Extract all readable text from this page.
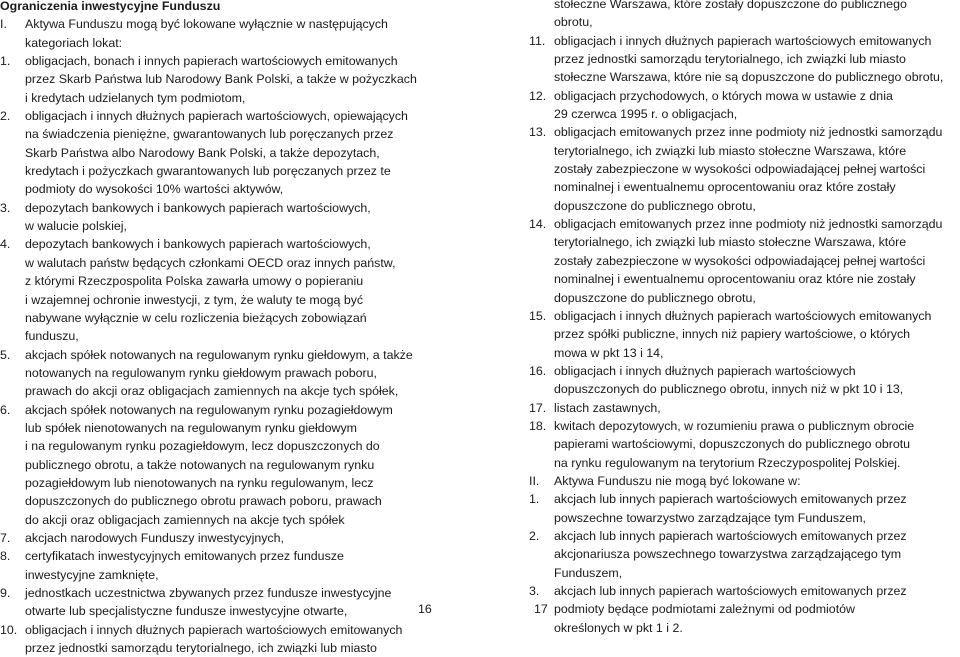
Ograniczenia inwestycyjne Funduszu
I.	Aktywa Funduszu mogą być lokowane wyłącznie w następujących
kategoriach lokat:
1.	obligacjach, bonach i innych papierach wartościowych emitowanych
przez Skarb Państwa lub Narodowy Bank Polski, a także w pożyczkach
i kredytach udzielanych tym podmiotom,
2.	obligacjach i innych dłużnych papierach wartościowych, opiewających
na świadczenia pieniężne, gwarantowanych lub poręczanych przez
Skarb Państwa albo Narodowy Bank Polski, a także depozytach,
kredytach i pożyczkach gwarantowanych lub poręczanych przez te
podmioty do wysokości 10% wartości aktywów,
3.	depozytach bankowych i bankowych papierach wartościowych,
w walucie polskiej,
4.	depozytach bankowych i bankowych papierach wartościowych,
w walutach państw będących członkami OECD oraz innych państw,
z którymi Rzeczpospolita Polska zawarła umowy o popieraniu
i wzajemnej ochronie inwestycji, z tym, że waluty te mogą być
nabywane wyłącznie w celu rozliczenia bieżących zobowiązań
funduszu,
5.	akcjach spółek notowanych na regulowanym rynku giełdowym, a także
notowanych na regulowanym rynku giełdowym prawach poboru,
prawach do akcji oraz obligacjach zamiennych na akcje tych spółek,
6.	akcjach spółek notowanych na regulowanym rynku pozagiełdowym
lub spółek nienotowanych na regulowanym rynku giełdowym
i na regulowanym rynku pozagiełdowym, lecz dopuszczonych do
publicznego obrotu, a także notowanych na regulowanym rynku
pozagiełdowym lub nienotowanych na rynku regulowanym, lecz
dopuszczonych do publicznego obrotu prawach poboru, prawach
do akcji oraz obligacjach zamiennych na akcje tych spółek
7.	akcjach narodowych Funduszy inwestycyjnych,
8.	certyfikatach inwestycyjnych emitowanych przez fundusze
inwestycyjne zamknięte,
9.	jednostkach uczestnictwa zbywanych przez fundusze inwestycyjne
otwarte lub specjalistyczne fundusze inwestycyjne otwarte,
10. obligacjach i innych dłużnych papierach wartościowych emitowanych
przez jednostki samorządu terytorialnego, ich związki lub miasto
stołeczne Warszawa, które zostały dopuszczone do publicznego
obrotu,
11. obligacjach i innych dłużnych papierach wartościowych emitowanych
przez jednostki samorządu terytorialnego, ich związki lub miasto
stołeczne Warszawa, które nie są dopuszczone do publicznego obrotu,
12. obligacjach przychodowych, o których mowa w ustawie z dnia
29 czerwca 1995 r. o obligacjach,
13. obligacjach emitowanych przez inne podmioty niż jednostki samorządu
terytorialnego, ich związki lub miasto stołeczne Warszawa, które
zostały zabezpieczone w wysokości odpowiadającej pełnej wartości
nominalnej i ewentualnemu oprocentowaniu oraz które zostały
dopuszczone do publicznego obrotu,
14. obligacjach emitowanych przez inne podmioty niż jednostki samorządu
terytorialnego, ich związki lub miasto stołeczne Warszawa, które
zostały zabezpieczone w wysokości odpowiadającej pełnej wartości
nominalnej i ewentualnemu oprocentowaniu oraz które nie zostały
dopuszczone do publicznego obrotu,
15. obligacjach i innych dłużnych papierach wartościowych emitowanych
przez spółki publiczne, innych niż papiery wartościowe, o których
mowa w pkt 13 i 14,
16. obligacjach i innych dłużnych papierach wartościowych
dopuszczonych do publicznego obrotu, innych niż w pkt 10 i 13,
17. listach zastawnych,
18. kwitach depozytowych, w rozumieniu prawa o publicznym obrocie
papierami wartościowymi, dopuszczonych do publicznego obrotu
na rynku regulowanym na terytorium Rzeczypospolitej Polskiej.
II.	Aktywa Funduszu nie mogą być lokowane w:
1.	akcjach lub innych papierach wartościowych emitowanych przez
powszechne towarzystwo zarządzające tym Funduszem,
2.	akcjach lub innych papierach wartościowych emitowanych przez
akcjonariusza powszechnego towarzystwa zarządzającego tym
Funduszem,
3.	akcjach lub innych papierach wartościowych emitowanych przez
podmioty będące podmiotami zależnymi od podmiotów
określonych w pkt 1 i 2.
16	17
